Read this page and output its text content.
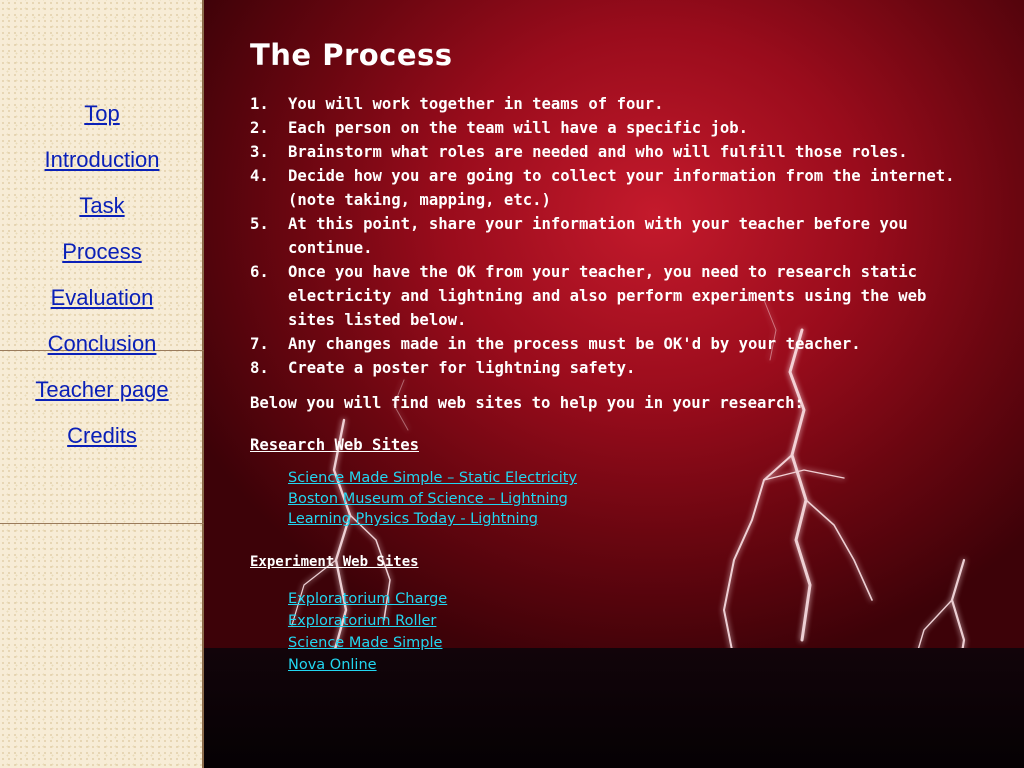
Top
Introduction
Task
Process
Evaluation
Conclusion
Teacher page
Credits
The Process
1. You will work together in teams of four.
2. Each person on the team will have a specific job.
3. Brainstorm what roles are needed and who will fulfill those roles.
4. Decide how you are going to collect your information from the internet. (note taking, mapping, etc.)
5. At this point, share your information with your teacher before you continue.
6. Once you have the OK from your teacher, you need to research static electricity and lightning and also perform experiments using the web sites listed below.
7. Any changes made in the process must be OK'd by your teacher.
8. Create a poster for lightning safety.
Below you will find web sites to help you in your research:
Research Web Sites
Science Made Simple – Static Electricity
Boston Museum of Science – Lightning
Learning Physics Today - Lightning
Experiment Web Sites
Exploratorium Charge
Exploratorium Roller
Science Made Simple
Nova Online
